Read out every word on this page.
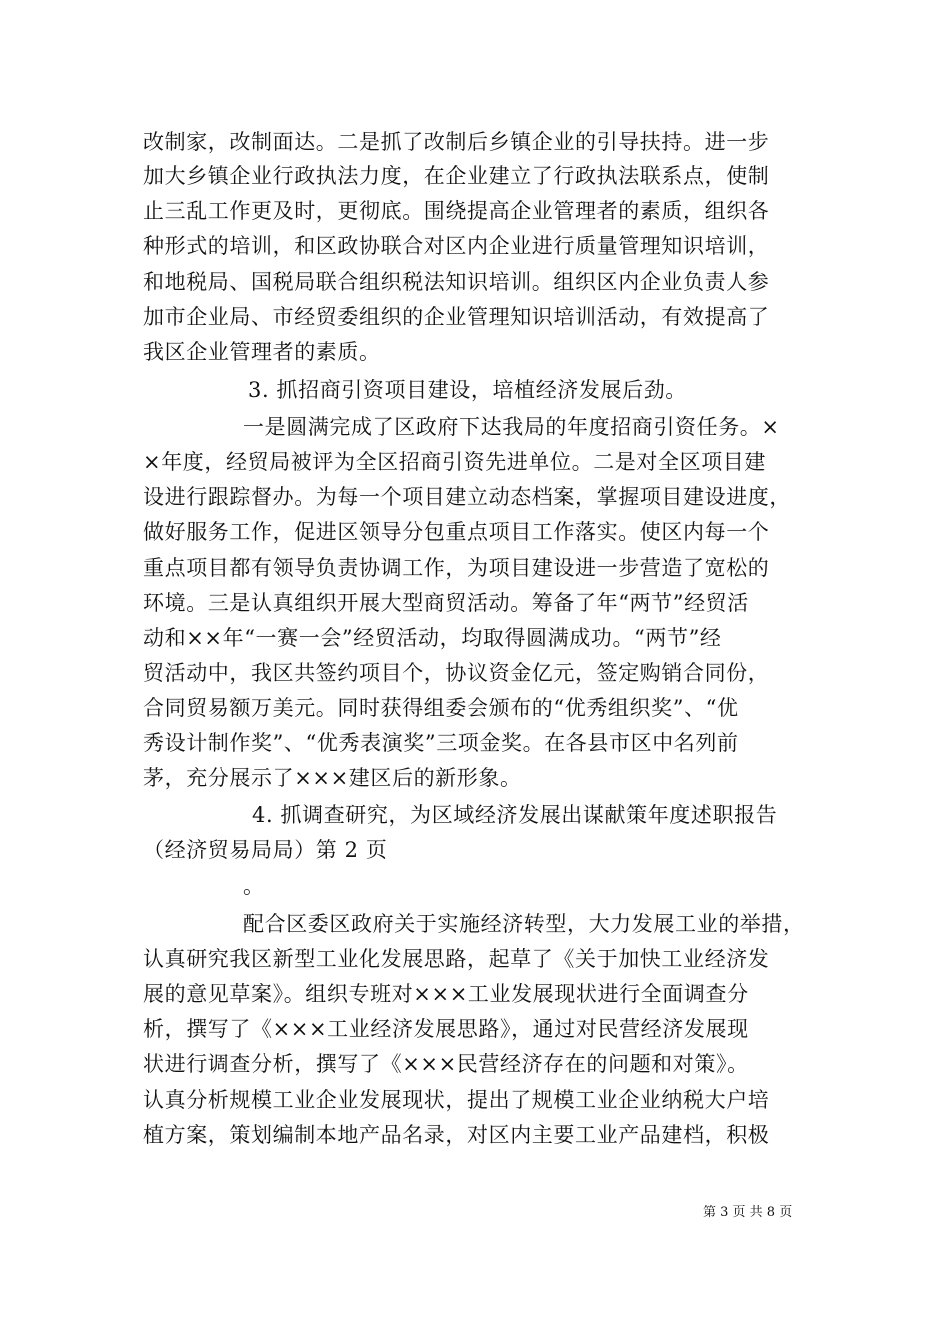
改制家，改制面达。二是抓了改制后乡镇企业的引导扶持。进一步
加大乡镇企业行政执法力度，在企业建立了行政执法联系点，使制
止三乱工作更及时，更彻底。围绕提高企业管理者的素质，组织各
种形式的培训，和区政协联合对区内企业进行质量管理知识培训，
和地税局、国税局联合组织税法知识培训。组织区内企业负责人参
加市企业局、市经贸委组织的企业管理知识培训活动，有效提高了
我区企业管理者的素质。
3. 抓招商引资项目建设，培植经济发展后劲。
一是圆满完成了区政府下达我局的年度招商引资任务。×
×年度，经贸局被评为全区招商引资先进单位。二是对全区项目建
设进行跟踪督办。为每一个项目建立动态档案，掌握项目建设进度，
做好服务工作，促进区领导分包重点项目工作落实。使区内每一个
重点项目都有领导负责协调工作，为项目建设进一步营造了宽松的
环境。三是认真组织开展大型商贸活动。筹备了年“两节”经贸活
动和××年“一赛一会”经贸活动，均取得圆满成功。“两节”经
贸活动中，我区共签约项目个，协议资金亿元，签定购销合同份，
合同贸易额万美元。同时获得组委会颁布的“优秀组织奖”、“优
秀设计制作奖”、“优秀表演奖”三项金奖。在各县市区中名列前
茅，充分展示了×××建区后的新形象。
4. 抓调查研究，为区域经济发展出谋献策年度述职报告
（经济贸易局局）第 2 页
。
配合区委区政府关于实施经济转型，大力发展工业的举措，
认真研究我区新型工业化发展思路，起草了《关于加快工业经济发
展的意见草案》。组织专班对×××工业发展现状进行全面调查分
析，撰写了《×××工业经济发展思路》，通过对民营经济发展现
状进行调查分析，撰写了《×××民营经济存在的问题和对策》。
认真分析规模工业企业发展现状，提出了规模工业企业纳税大户培
植方案，策划编制本地产品名录，对区内主要工业产品建档，积极
第 3 页 共 8 页
